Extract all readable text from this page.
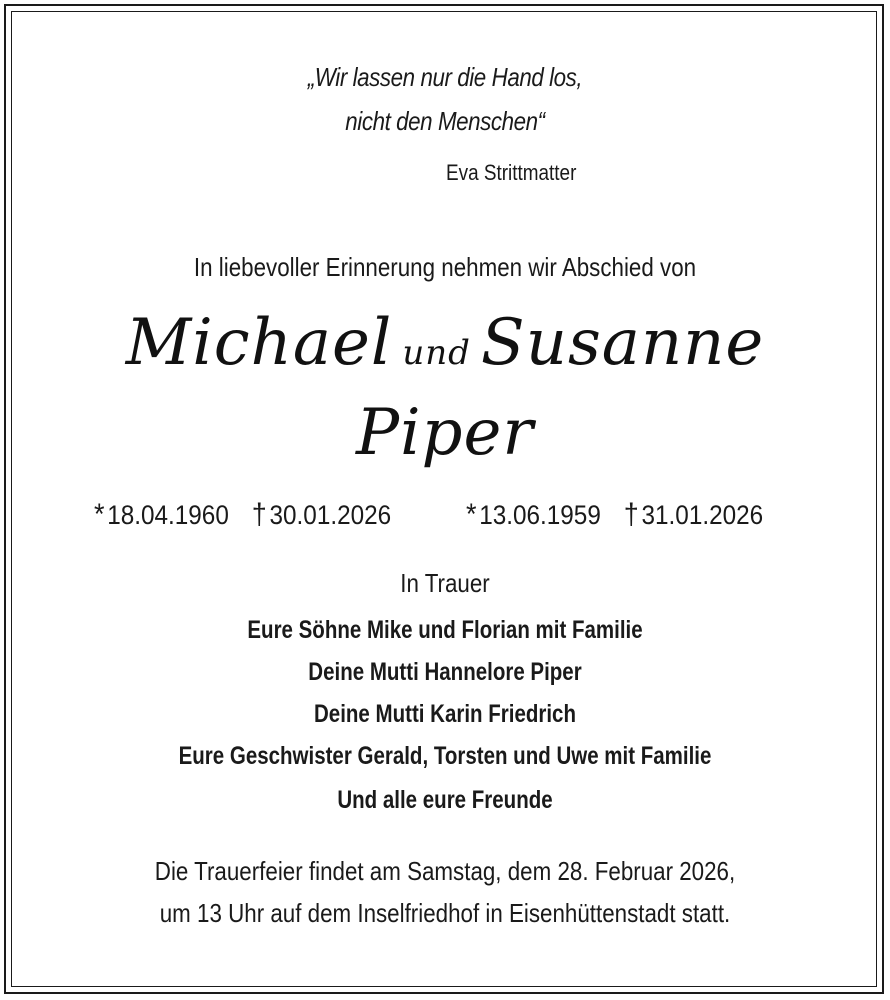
„Wir lassen nur die Hand los,
nicht den Menschen“
Eva Strittmatter
In liebevoller Erinnerung nehmen wir Abschied von
Michael und Susanne
Piper
*18.04.1960 † 30.01.2026 * 13.06.1959 † 31.01.2026
In Trauer
Eure Söhne Mike und Florian mit Familie
Deine Mutti Hannelore Piper
Deine Mutti Karin Friedrich
Eure Geschwister Gerald, Torsten und Uwe mit Familie
Und alle eure Freunde
Die Trauerfeier findet am Samstag, dem 28. Februar 2026,
um 13 Uhr auf dem Inselfriedhof in Eisenhüttenstadt statt.
